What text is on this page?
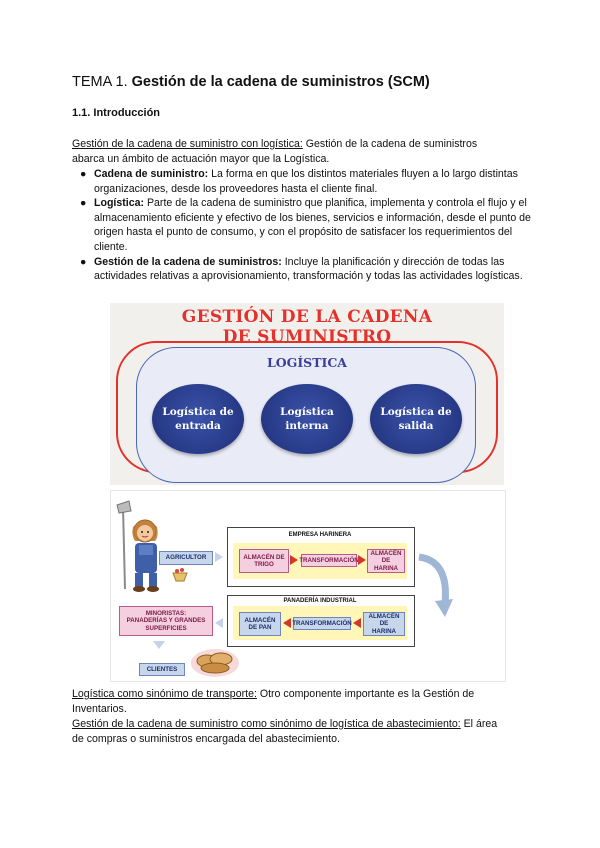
TEMA 1. Gestión de la cadena de suministros (SCM)
1.1. Introducción
Gestión de la cadena de suministro con logística: Gestión de la cadena de suministros
abarca un ámbito de actuación mayor que la Logística.
● Cadena de suministro: La forma en que los distintos materiales fluyen a lo largo distintas organizaciones, desde los proveedores hasta el cliente final.
● Logística: Parte de la cadena de suministro que planifica, implementa y controla el flujo y el almacenamiento eficiente y efectivo de los bienes, servicios e información, desde el punto de origen hasta el punto de consumo, y con el propósito de satisfacer los requerimientos del cliente.
● Gestión de la cadena de suministros: Incluye la planificación y dirección de todas las actividades relativas a aprovisionamiento, transformación y todas las actividades logísticas.
GESTIÓN DE LA CADENA
DE SUMINISTRO
LOGÍSTICA
Logística de
entrada
Logística
interna
Logística de
salida
AGRICULTOR
EMPRESA HARINERA
ALMACÉN DE
TRIGO
TRANSFORMACIÓN
ALMACÉN DE
HARINA
PANADERÍA INDUSTRIAL
ALMACÉN
DE PAN
TRANSFORMACIÓN
ALMACÉN DE
HARINA
MINORISTAS:
PANADERÍAS Y GRANDES
SUPERFICIES
CLIENTES
Logística como sinónimo de transporte: Otro componente importante es la Gestión de
Inventarios.
Gestión de la cadena de suministro como sinónimo de logística de abastecimiento: El área
de compras o suministros encargada del abastecimiento.
